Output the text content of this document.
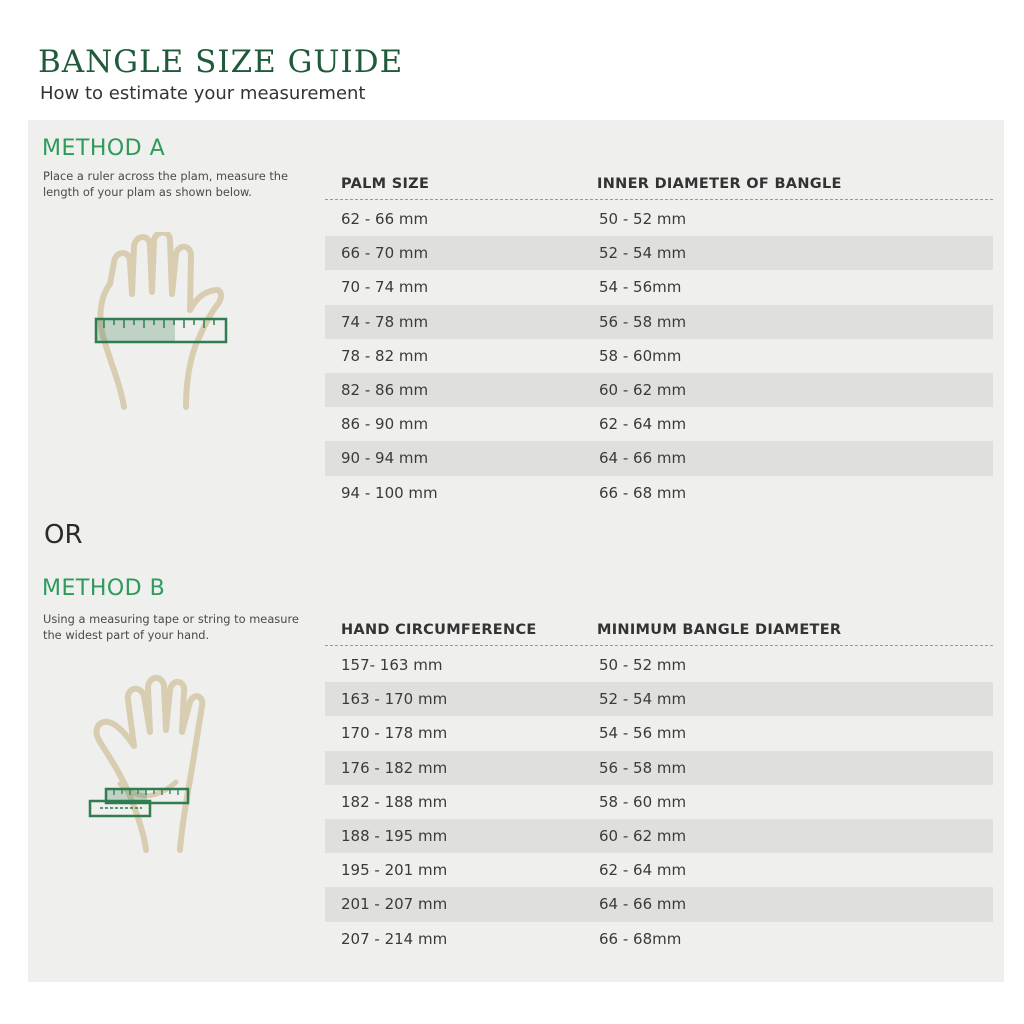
BANGLE SIZE GUIDE
How to estimate your measurement
METHOD A
Place a ruler across the plam, measure the length of your plam as shown below.	PALM SIZE	INNER DIAMETER OF BANGLE
62 - 66 mm	50 - 52 mm
66 - 70 mm	52 - 54 mm
70 - 74 mm	54 - 56mm
74 - 78 mm	56 - 58 mm
78 - 82 mm	58 - 60mm
82 - 86 mm	60 - 62 mm
86 - 90 mm	62 - 64 mm
90 - 94 mm	64 - 66 mm
94 - 100 mm	66 - 68 mm
OR
METHOD B
Using a measuring tape or string to measure the widest part of your hand.	HAND CIRCUMFERENCE	MINIMUM BANGLE DIAMETER
157- 163 mm	50 - 52 mm
163 - 170 mm	52 - 54 mm
170 - 178 mm	54 - 56 mm
176 - 182 mm	56 - 58 mm
182 - 188 mm	58 - 60 mm
188 - 195 mm	60 - 62 mm
195 - 201 mm	62 - 64 mm
201 - 207 mm	64 - 66 mm
207 - 214 mm	66 - 68mm
